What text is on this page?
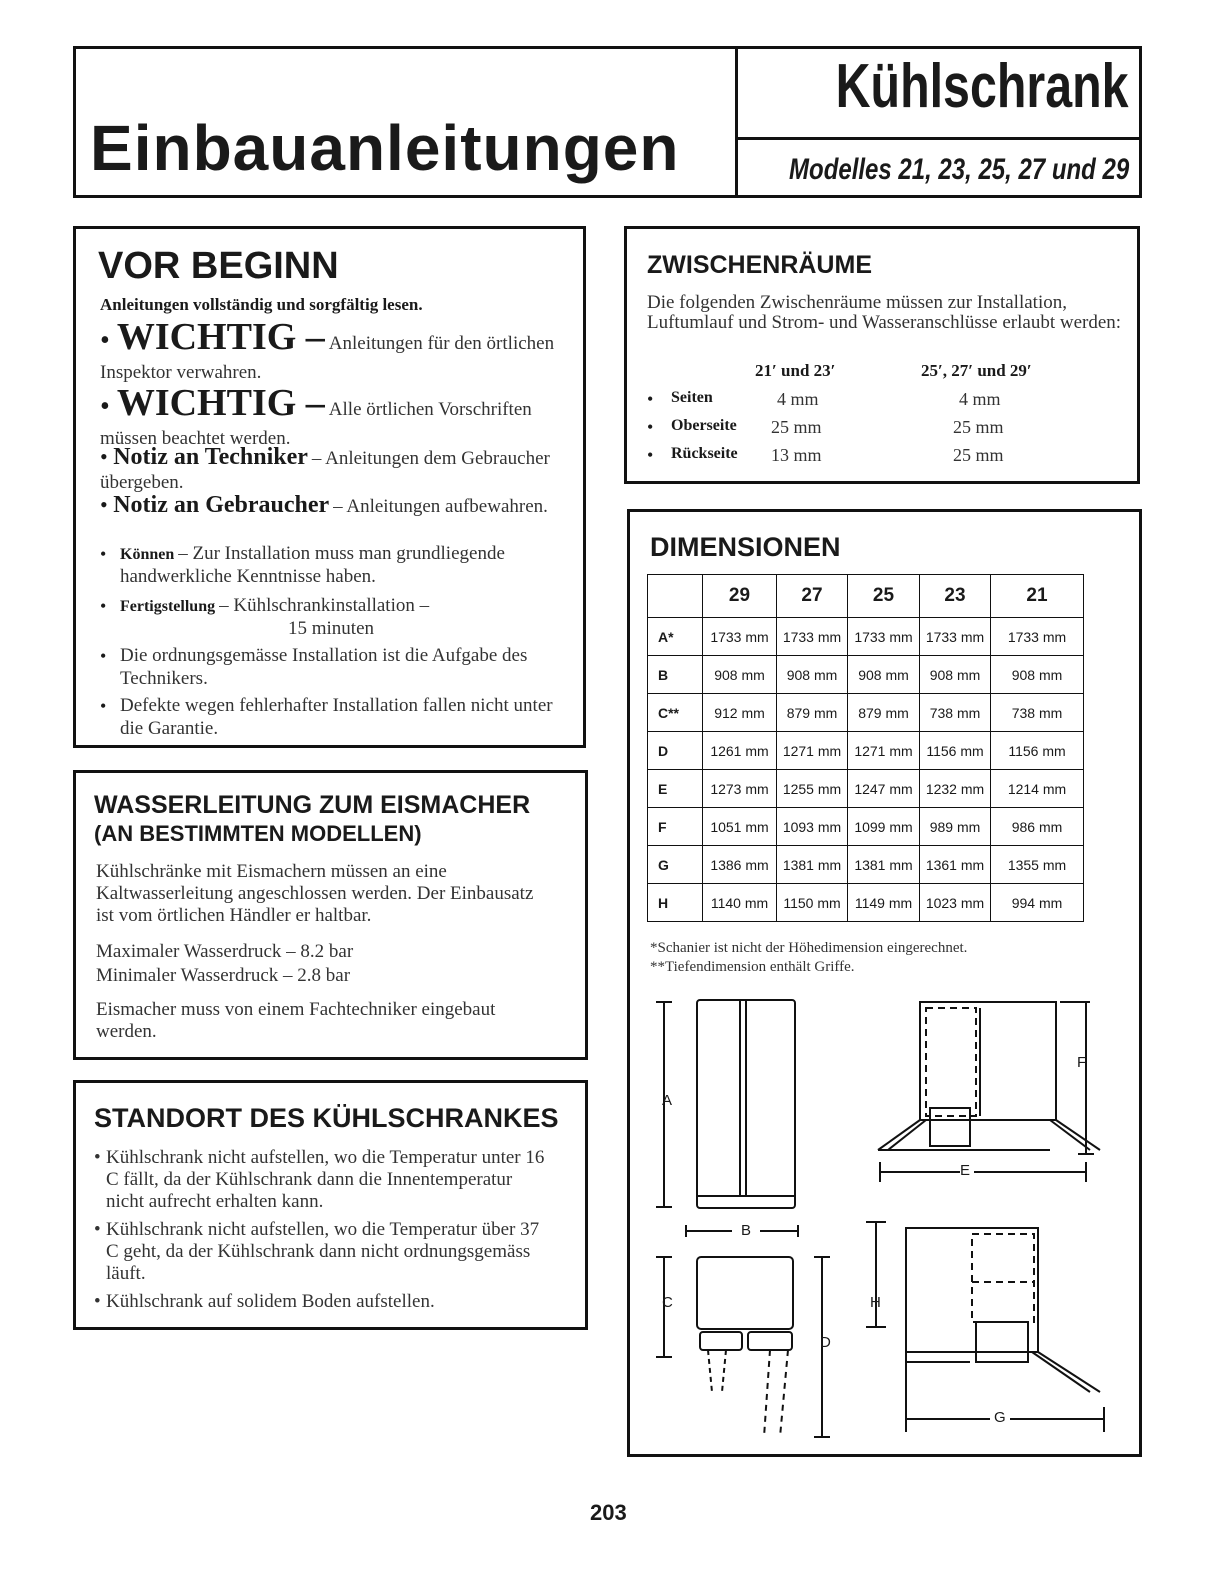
Einbauanleitungen
Kühlschrank
Modelles 21, 23, 25, 27 und 29
VOR BEGINN
Anleitungen vollständig und sorgfältig lesen.
• WICHTIG – Anleitungen für den örtlichen Inspektor verwahren.
• WICHTIG – Alle örtlichen Vorschriften müssen beachtet werden.
• Notiz an Techniker – Anleitungen dem Gebraucher übergeben.
• Notiz an Gebraucher – Anleitungen aufbewahren.
• Können – Zur Installation muss man grundliegende handwerkliche Kenntnisse haben.
• Fertigstellung – Kühlschrankinstallation –
15 minuten
• Die ordnungsgemässe Installation ist die Aufgabe des Technikers.
• Defekte wegen fehlerhafter Installation fallen nicht unter die Garantie.
WASSERLEITUNG ZUM EISMACHER
(AN BESTIMMTEN MODELLEN)
Kühlschränke mit Eismachern müssen an eine Kaltwasserleitung angeschlossen werden. Der Einbausatz ist vom örtlichen Händler er haltbar.
Maximaler Wasserdruck – 8.2 bar
Minimaler Wasserdruck – 2.8 bar
Eismacher muss von einem Fachtechniker eingebaut werden.
STANDORT DES KÜHLSCHRANKES
• Kühlschrank nicht aufstellen, wo die Temperatur unter 16 C fällt, da der Kühlschrank dann die Innentemperatur nicht aufrecht erhalten kann.
• Kühlschrank nicht aufstellen, wo die Temperatur über 37 C geht, da der Kühlschrank dann nicht ordnungsgemäss läuft.
• Kühlschrank auf solidem Boden aufstellen.
ZWISCHENRÄUME
Die folgenden Zwischenräume müssen zur Installation, Luftumlauf und Strom- und Wasseranschlüsse erlaubt werden:
21′ und 23′	25′, 27′ und 29′
• Seiten	4 mm	4 mm
• Oberseite 25 mm	25 mm
• Rückseite 13 mm	25 mm
DIMENSIONEN
	29	27	25	23	21
A*	1733 mm	1733 mm	1733 mm	1733 mm	1733 mm
B	908 mm	908 mm	908 mm	908 mm	908 mm
C**	912 mm	879 mm	879 mm	738 mm	738 mm
D	1261 mm	1271 mm	1271 mm	1156 mm	1156 mm
E	1273 mm	1255 mm	1247 mm	1232 mm	1214 mm
F	1051 mm	1093 mm	1099 mm	989 mm	986 mm
G	1386 mm	1381 mm	1381 mm	1361 mm	1355 mm
H	1140 mm	1150 mm	1149 mm	1023 mm	994 mm
*Schanier ist nicht der Höhedimension eingerechnet.
**Tiefendimension enthält Griffe.
A
B
C
D
E
F
G
H
203
